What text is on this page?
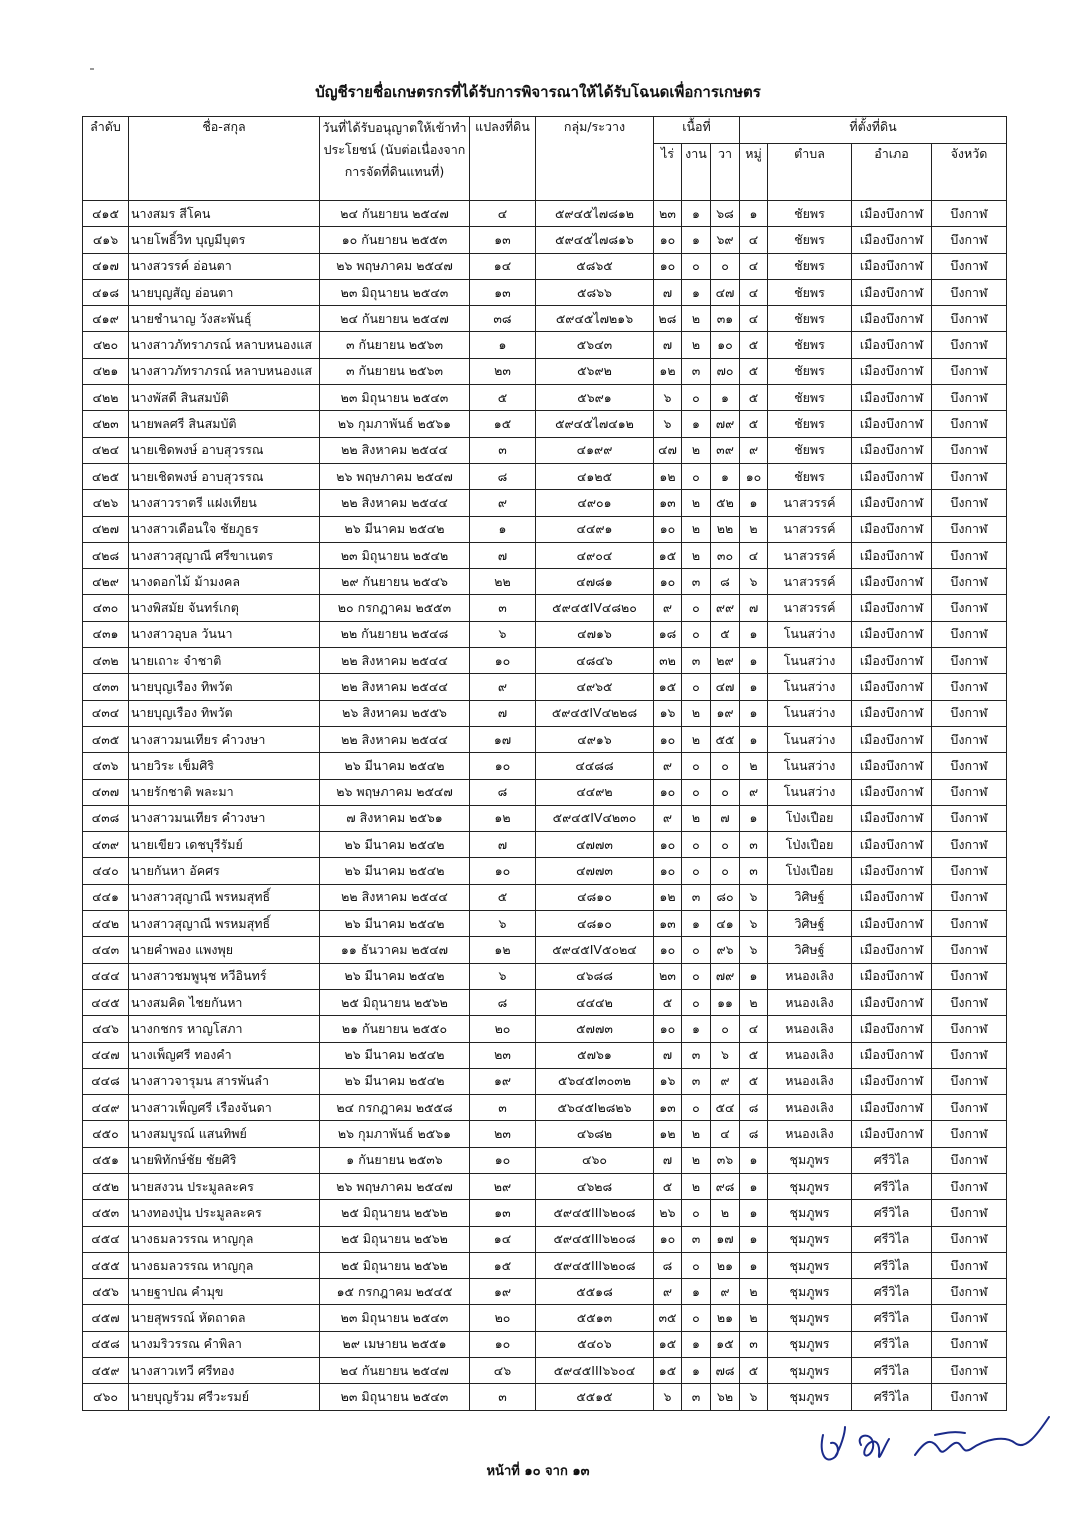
บัญชีรายชื่อเกษตรกรที่ได้รับการพิจารณาให้ได้รับโฉนดเพื่อการเกษตร
ลำดับ	ชื่อ-สกุล	วันที่ได้รับอนุญาตให้เข้าทำประโยชน์ (นับต่อเนื่องจากการจัดที่ดินแทนที่)	แปลงที่ดิน	กลุ่ม/ระวาง	เนื้อที่			ที่ตั้งที่ดิน			
					ไร่	งาน	วา	หมู่	ตำบล	อำเภอ	จังหวัด
๔๑๕	นางสมร สีโคน	๒๔ กันยายน ๒๕๔๗	๔	๕๙๔๕ไ๗๘๑๒	๒๓	๑	๖๘	๑	ชัยพร	เมืองบึงกาฬ	บึงกาฬ
๔๑๖	นายโพธิ์วิท บุญมีบุตร	๑๐ กันยายน ๒๕๕๓	๑๓	๕๙๔๕ไ๗๘๑๖	๑๐	๑	๖๙	๔	ชัยพร	เมืองบึงกาฬ	บึงกาฬ
๔๑๗	นางสวรรค์ อ่อนตา	๒๖ พฤษภาคม ๒๕๔๗	๑๔	๕๘๖๕	๑๐	๐	๐	๔	ชัยพร	เมืองบึงกาฬ	บึงกาฬ
๔๑๘	นายบุญสัญ อ่อนตา	๒๓ มิถุนายน ๒๕๔๓	๑๓	๕๘๖๖	๗	๑	๔๗	๔	ชัยพร	เมืองบึงกาฬ	บึงกาฬ
๔๑๙	นายชำนาญ วังสะพันธุ์	๒๔ กันยายน ๒๕๔๗	๓๘	๕๙๔๕ไ๗๒๑๖	๒๘	๒	๓๑	๔	ชัยพร	เมืองบึงกาฬ	บึงกาฬ
๔๒๐	นางสาวภัทราภรณ์ หลาบหนองแส	๓ กันยายน ๒๕๖๓	๑	๕๖๔๓	๗	๒	๑๐	๕	ชัยพร	เมืองบึงกาฬ	บึงกาฬ
๔๒๑	นางสาวภัทราภรณ์ หลาบหนองแส	๓ กันยายน ๒๕๖๓	๒๓	๕๖๙๒	๑๒	๓	๗๐	๕	ชัยพร	เมืองบึงกาฬ	บึงกาฬ
๔๒๒	นางพัสดี สินสมบัติ	๒๓ มิถุนายน ๒๕๔๓	๕	๕๖๙๑	๖	๐	๑	๕	ชัยพร	เมืองบึงกาฬ	บึงกาฬ
๔๒๓	นายพลศรี สินสมบัติ	๒๖ กุมภาพันธ์ ๒๕๖๑	๑๕	๕๙๔๕ไ๗๔๑๒	๖	๑	๗๙	๕	ชัยพร	เมืองบึงกาฬ	บึงกาฬ
๔๒๔	นายเชิดพงษ์ อาบสุวรรณ	๒๒ สิงหาคม ๒๕๔๔	๓	๔๑๙๙	๔๗	๒	๓๙	๙	ชัยพร	เมืองบึงกาฬ	บึงกาฬ
๔๒๕	นายเชิดพงษ์ อาบสุวรรณ	๒๖ พฤษภาคม ๒๕๔๗	๘	๔๑๒๕	๑๒	๐	๑	๑๐	ชัยพร	เมืองบึงกาฬ	บึงกาฬ
๔๒๖	นางสาวราตรี แฝงเทียน	๒๒ สิงหาคม ๒๕๔๔	๙	๔๙๐๑	๑๓	๒	๕๒	๑	นาสวรรค์	เมืองบึงกาฬ	บึงกาฬ
๔๒๗	นางสาวเดือนใจ ชัยภูธร	๒๖ มีนาคม ๒๕๔๒	๑	๔๔๙๑	๑๐	๒	๒๒	๒	นาสวรรค์	เมืองบึงกาฬ	บึงกาฬ
๔๒๘	นางสาวสุญาณี ศรีขาเนตร	๒๓ มิถุนายน ๒๕๔๒	๗	๔๙๐๔	๑๕	๒	๓๐	๔	นาสวรรค์	เมืองบึงกาฬ	บึงกาฬ
๔๒๙	นางดอกไม้ ม้ามงคล	๒๙ กันยายน ๒๕๔๖	๒๒	๔๗๘๑	๑๐	๓	๘	๖	นาสวรรค์	เมืองบึงกาฬ	บึงกาฬ
๔๓๐	นางพิสมัย จันทร์เกตุ	๒๐ กรกฎาคม ๒๕๕๓	๓	๕๙๔๕IV๔๘๒๐	๙	๐	๙๙	๗	นาสวรรค์	เมืองบึงกาฬ	บึงกาฬ
๔๓๑	นางสาวอุบล วันนา	๒๒ กันยายน ๒๕๔๘	๖	๔๗๑๖	๑๘	๐	๕	๑	โนนสว่าง	เมืองบึงกาฬ	บึงกาฬ
๔๓๒	นายเถาะ จำชาติ	๒๒ สิงหาคม ๒๕๔๔	๑๐	๔๘๔๖	๓๒	๓	๒๙	๑	โนนสว่าง	เมืองบึงกาฬ	บึงกาฬ
๔๓๓	นายบุญเรือง ทิพวัต	๒๒ สิงหาคม ๒๕๔๔	๙	๔๙๖๕	๑๕	๐	๔๗	๑	โนนสว่าง	เมืองบึงกาฬ	บึงกาฬ
๔๓๔	นายบุญเรือง ทิพวัต	๒๖ สิงหาคม ๒๕๕๖	๗	๕๙๔๕IV๔๒๒๘	๑๖	๒	๑๙	๑	โนนสว่าง	เมืองบึงกาฬ	บึงกาฬ
๔๓๕	นางสาวมนเทียร คำวงษา	๒๒ สิงหาคม ๒๕๔๔	๑๗	๔๙๑๖	๑๐	๒	๕๕	๑	โนนสว่าง	เมืองบึงกาฬ	บึงกาฬ
๔๓๖	นายวิระ เข็มศิริ	๒๖ มีนาคม ๒๕๔๒	๑๐	๔๔๘๘	๙	๐	๐	๒	โนนสว่าง	เมืองบึงกาฬ	บึงกาฬ
๔๓๗	นายรักชาติ พละมา	๒๖ พฤษภาคม ๒๕๔๗	๘	๔๔๙๒	๑๐	๐	๐	๙	โนนสว่าง	เมืองบึงกาฬ	บึงกาฬ
๔๓๘	นางสาวมนเทียร คำวงษา	๗ สิงหาคม ๒๕๖๑	๑๒	๕๙๔๕IV๔๒๓๐	๙	๒	๗	๑	โป่งเปือย	เมืองบึงกาฬ	บึงกาฬ
๔๓๙	นายเขียว เดชบุรีรัมย์	๒๖ มีนาคม ๒๕๔๒	๗	๔๗๗๓	๑๐	๐	๐	๓	โป่งเปือย	เมืองบึงกาฬ	บึงกาฬ
๔๔๐	นายกันหา อัคศร	๒๖ มีนาคม ๒๕๔๒	๑๐	๔๗๗๓	๑๐	๐	๐	๓	โป่งเปือย	เมืองบึงกาฬ	บึงกาฬ
๔๔๑	นางสาวสุญาณี พรหมสุทธิ์	๒๒ สิงหาคม ๒๕๔๔	๕	๔๘๑๐	๑๒	๓	๘๐	๖	วิศิษฐ์	เมืองบึงกาฬ	บึงกาฬ
๔๔๒	นางสาวสุญาณี พรหมสุทธิ์	๒๖ มีนาคม ๒๕๔๒	๖	๔๘๑๐	๑๓	๑	๔๑	๖	วิศิษฐ์	เมืองบึงกาฬ	บึงกาฬ
๔๔๓	นายคำพอง แพงพุย	๑๑ ธันวาคม ๒๕๔๗	๑๒	๕๙๔๕IV๕๐๒๔	๑๐	๐	๙๖	๖	วิศิษฐ์	เมืองบึงกาฬ	บึงกาฬ
๔๔๔	นางสาวชมพูนุช หวีอินทร์	๒๖ มีนาคม ๒๕๔๒	๖	๔๖๘๘	๒๓	๐	๗๙	๑	หนองเลิง	เมืองบึงกาฬ	บึงกาฬ
๔๔๕	นางสมคิด ไชยกันหา	๒๕ มิถุนายน ๒๕๖๒	๘	๔๔๔๒	๕	๐	๑๑	๒	หนองเลิง	เมืองบึงกาฬ	บึงกาฬ
๔๔๖	นางกชกร หาญโสภา	๒๑ กันยายน ๒๕๕๐	๒๐	๕๗๗๓	๑๐	๑	๐	๔	หนองเลิง	เมืองบึงกาฬ	บึงกาฬ
๔๔๗	นางเพ็ญศรี ทองคำ	๒๖ มีนาคม ๒๕๔๒	๒๓	๕๗๖๑	๗	๓	๖	๕	หนองเลิง	เมืองบึงกาฬ	บึงกาฬ
๔๔๘	นางสาวจารุมน สารพันลำ	๒๖ มีนาคม ๒๕๔๒	๑๙	๕๖๔๕I๓๐๓๒	๑๖	๓	๙	๕	หนองเลิง	เมืองบึงกาฬ	บึงกาฬ
๔๔๙	นางสาวเพ็ญศรี เรืองจันดา	๒๔ กรกฎาคม ๒๕๕๘	๓	๕๖๔๕I๒๘๒๖	๑๓	๐	๕๔	๘	หนองเลิง	เมืองบึงกาฬ	บึงกาฬ
๔๕๐	นางสมบูรณ์ แสนทิพย์	๒๖ กุมภาพันธ์ ๒๕๖๑	๒๓	๔๖๘๒	๑๒	๒	๔	๘	หนองเลิง	เมืองบึงกาฬ	บึงกาฬ
๔๕๑	นายพิทักษ์ชัย ชัยศิริ	๑ กันยายน ๒๕๓๖	๑๐	๔๖๐	๗	๒	๓๖	๑	ชุมภูพร	ศรีวิไล	บึงกาฬ
๔๕๒	นายสงวน ประมูลละคร	๒๖ พฤษภาคม ๒๕๔๗	๒๙	๔๖๒๘	๕	๒	๙๘	๑	ชุมภูพร	ศรีวิไล	บึงกาฬ
๔๕๓	นางทองปุ่น ประมูลละคร	๒๕ มิถุนายน ๒๕๖๒	๑๓	๕๙๔๕III๖๒๐๘	๒๖	๐	๒	๑	ชุมภูพร	ศรีวิไล	บึงกาฬ
๔๕๔	นางธมลวรรณ หาญกุล	๒๕ มิถุนายน ๒๕๖๒	๑๔	๕๙๔๕III๖๒๐๘	๑๐	๓	๑๗	๑	ชุมภูพร	ศรีวิไล	บึงกาฬ
๔๕๕	นางธมลวรรณ หาญกุล	๒๕ มิถุนายน ๒๕๖๒	๑๕	๕๙๔๕III๖๒๐๘	๘	๐	๒๑	๑	ชุมภูพร	ศรีวิไล	บึงกาฬ
๔๕๖	นายฐาปณ คำมุข	๑๕ กรกฎาคม ๒๕๔๕	๑๙	๕๕๑๘	๙	๑	๙	๒	ชุมภูพร	ศรีวิไล	บึงกาฬ
๔๕๗	นายสุพรรณ์ หัดถาดล	๒๓ มิถุนายน ๒๕๔๓	๒๐	๕๕๑๓	๓๕	๐	๒๑	๒	ชุมภูพร	ศรีวิไล	บึงกาฬ
๔๕๘	นางมริวรรณ คำพิลา	๒๙ เมษายน ๒๕๕๑	๑๐	๕๔๐๖	๑๕	๑	๑๕	๓	ชุมภูพร	ศรีวิไล	บึงกาฬ
๔๕๙	นางสาวเทวี ศรีทอง	๒๔ กันยายน ๒๕๔๗	๔๖	๕๙๔๕III๖๖๐๔	๑๕	๑	๗๘	๕	ชุมภูพร	ศรีวิไล	บึงกาฬ
๔๖๐	นายบุญร้วม ศรีวะรมย์	๒๓ มิถุนายน ๒๕๔๓	๓	๕๕๑๕	๖	๓	๖๒	๖	ชุมภูพร	ศรีวิไล	บึงกาฬ
หน้าที่ ๑๐ จาก ๑๓
